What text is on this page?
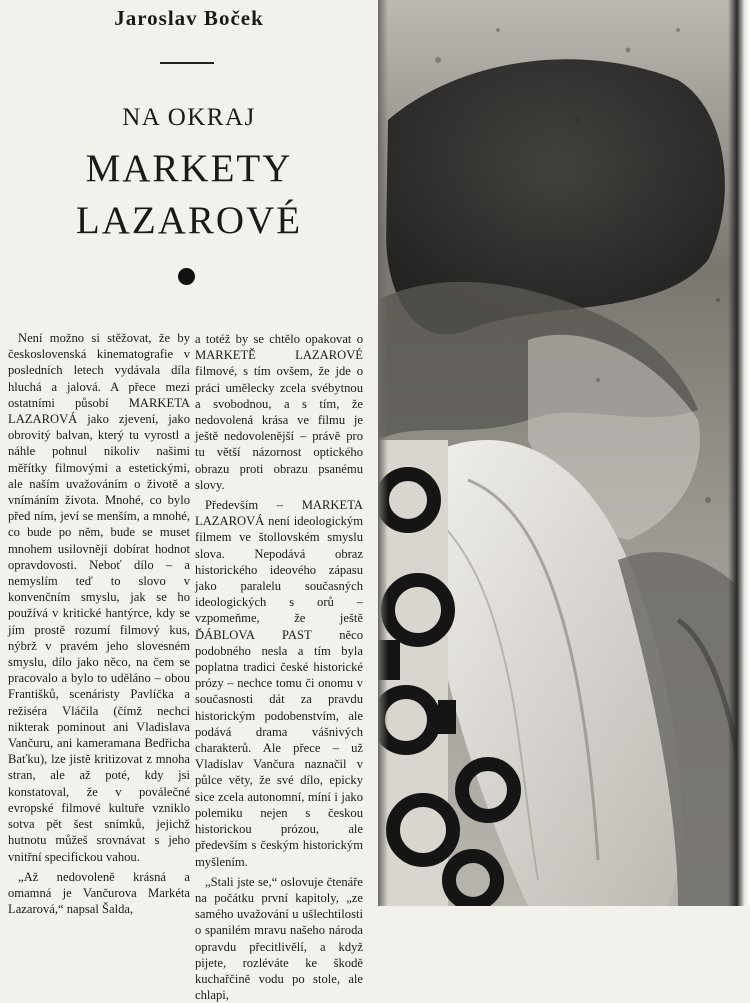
Jaroslav Boček
NA OKRAJ
MARKETY
LAZAROVÉ

Není možno si stěžovat, že by československá kinematografie v posledních letech vydávala díla hluchá a jalová. A přece mezi ostatními působí MARKETA LAZAROVÁ jako zjevení, jako obrovitý balvan, který tu vyrostl a náhle pohnul nikoliv našimi měřítky filmovými a estetickými, ale naším uvažováním o životě a vnímáním života. Mnohé, co bylo před ním, jeví se menším, a mnohé, co bude po něm, bude se muset mnohem usilovněji dobírat hodnot opravdovosti. Neboť dílo – a nemyslím teď to slovo v konvenčním smyslu, jak se ho používá v kritické hantýrce, kdy se jím prostě rozumí filmový kus, nýbrž v pravém jeho slovesném smyslu, dílo jako něco, na čem se pracovalo a bylo to uděláno – obou Františků, scenáristy Pavlíčka a režiséra Vláčila (čímž nechci nikterak pominout ani Vladislava Vančuru, ani kameramana Bedřicha Baťku), lze jistě kritizovat z mnoha stran, ale až poté, kdy jsi konstatoval, že v poválečné evropské filmové kultuře vzniklo sotva pět šest snímků, jejichž hutnotu můžeš srovnávat s jeho vnitřní specifickou vahou.

„Až nedovoleně krásná a omamná je Vančurova Markéta Lazarová,“ napsal Šalda,

a totéž by se chtělo opakovat o MARKETĚ LAZAROVÉ filmové, s tím ovšem, že jde o práci umělecky zcela svébytnou a svobodnou, a s tím, že nedovolená krása ve filmu je ještě nedovolenější – právě pro tu větší názornost optického obrazu proti obrazu psanému slovy.

Především – MARKETA LAZAROVÁ není ideologickým filmem ve štollovském smyslu slova. Nepodává obraz historického ideového zápasu jako paralelu současných ideologických s orů – vzpomeňme, že ještě ĎÁBLOVA PAST něco podobného nesla a tím byla poplatna tradici české historické prózy – nechce tomu či onomu v současnosti dát za pravdu historickým podobenstvím, ale podává drama vášnivých charakterů. Ale přece – už Vladislav Vančura naznačil v půlce věty, že své dílo, epicky sice zcela autonomní, míní i jako polemiku nejen s českou historickou prózou, ale především s českým historickým myšlením.

„Stali jste se,“ oslovuje čtenáře na počátku první kapitoly, „ze samého uvažování u ušlechtilosti o spanilém mravu našeho národa opravdu přecitlivělí, a když pijete, rozléváte ke škodě kuchařčině vodu po stole, ale chlapi,
